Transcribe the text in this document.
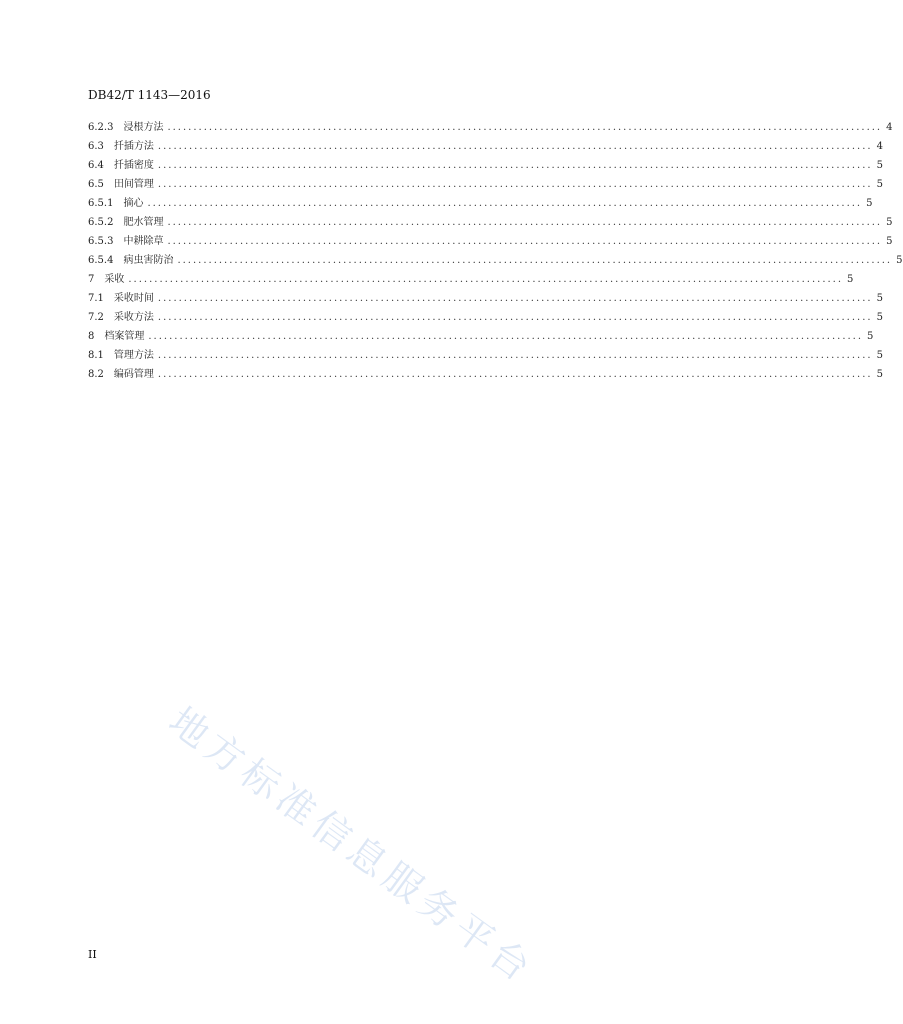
DB42/T 1143—2016
6.2.3 浸根方法 .......................................................................................................................................... 4
6.3 扦插方法 .......................................................................................................................................... 4
6.4 扦插密度 .......................................................................................................................................... 5
6.5 田间管理 .......................................................................................................................................... 5
6.5.1 摘心 .......................................................................................................................................... 5
6.5.2 肥水管理 .......................................................................................................................................... 5
6.5.3 中耕除草 .......................................................................................................................................... 5
6.5.4 病虫害防治 .......................................................................................................................................... 5
7 采收 .......................................................................................................................................... 5
7.1 采收时间 .......................................................................................................................................... 5
7.2 采收方法 .......................................................................................................................................... 5
8 档案管理 .......................................................................................................................................... 5
8.1 管理方法 .......................................................................................................................................... 5
8.2 编码管理 .......................................................................................................................................... 5
地方标准信息服务平台
II
